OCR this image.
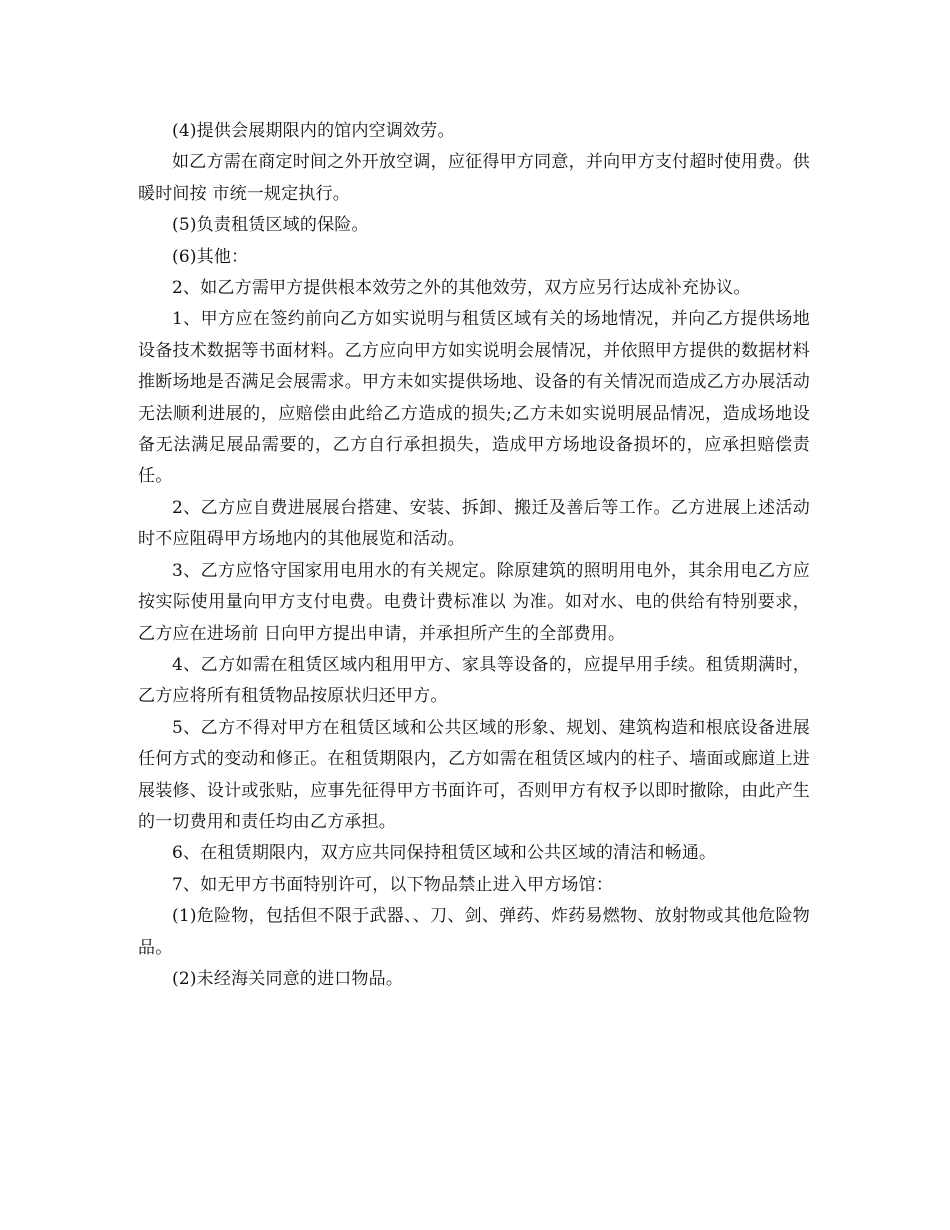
(4)提供会展期限内的馆内空调效劳。

如乙方需在商定时间之外开放空调，应征得甲方同意，并向甲方支付超时使用费。供暖时间按 市统一规定执行。

(5)负责租赁区域的保险。

(6)其他：

2、如乙方需甲方提供根本效劳之外的其他效劳，双方应另行达成补充协议。

1、甲方应在签约前向乙方如实说明与租赁区域有关的场地情况，并向乙方提供场地设备技术数据等书面材料。乙方应向甲方如实说明会展情况，并依照甲方提供的数据材料推断场地是否满足会展需求。甲方未如实提供场地、设备的有关情况而造成乙方办展活动无法顺利进展的，应赔偿由此给乙方造成的损失;乙方未如实说明展品情况，造成场地设备无法满足展品需要的，乙方自行承担损失，造成甲方场地设备损坏的，应承担赔偿责任。

2、乙方应自费进展展台搭建、安装、拆卸、搬迁及善后等工作。乙方进展上述活动时不应阻碍甲方场地内的其他展览和活动。

3、乙方应恪守国家用电用水的有关规定。除原建筑的照明用电外，其余用电乙方应按实际使用量向甲方支付电费。电费计费标准以 为准。如对水、电的供给有特别要求，乙方应在进场前 日向甲方提出申请，并承担所产生的全部费用。

4、乙方如需在租赁区域内租用甲方、家具等设备的，应提早用手续。租赁期满时，乙方应将所有租赁物品按原状归还甲方。

5、乙方不得对甲方在租赁区域和公共区域的形象、规划、建筑构造和根底设备进展任何方式的变动和修正。在租赁期限内，乙方如需在租赁区域内的柱子、墙面或廊道上进展装修、设计或张贴，应事先征得甲方书面许可，否则甲方有权予以即时撤除，由此产生的一切费用和责任均由乙方承担。

6、在租赁期限内，双方应共同保持租赁区域和公共区域的清洁和畅通。

7、如无甲方书面特别许可，以下物品禁止进入甲方场馆：

(1)危险物，包括但不限于武器、、刀、剑、弹药、炸药易燃物、放射物或其他危险物品。

(2)未经海关同意的进口物品。
